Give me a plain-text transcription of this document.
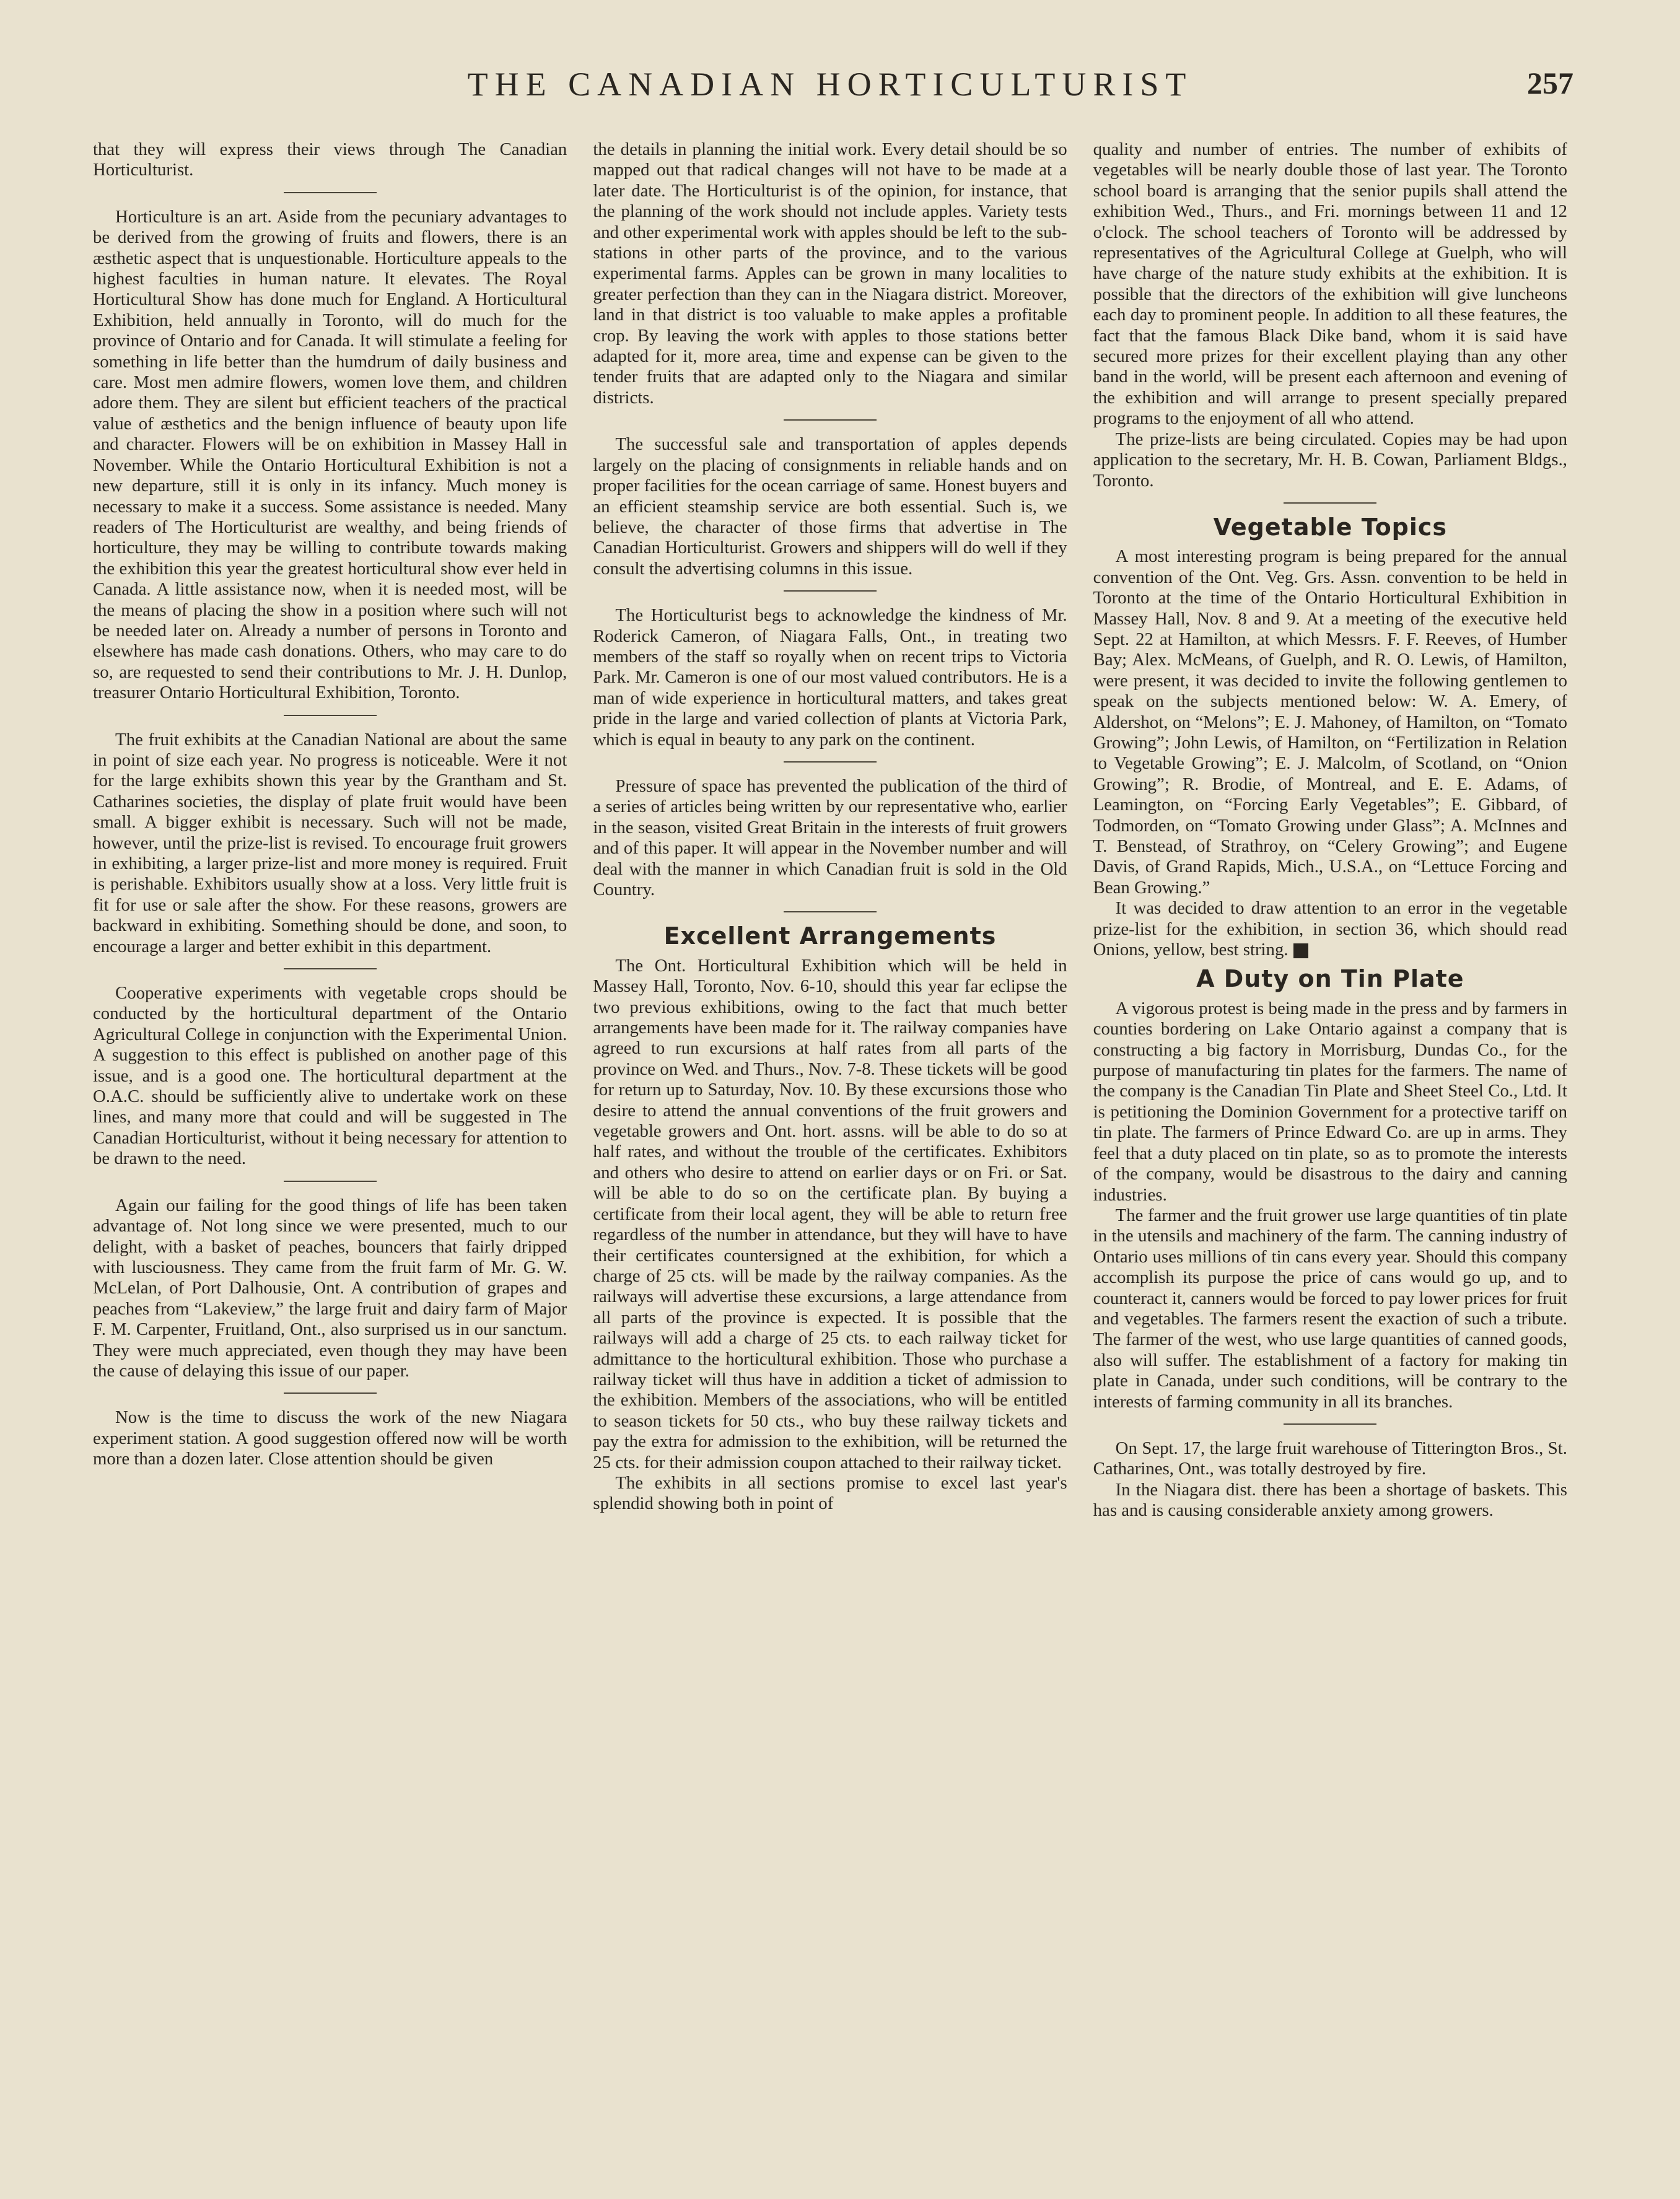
THE CANADIAN HORTICULTURIST	257

that they will express their views through The Canadian Horticulturist.

Horticulture is an art. Aside from the pecuniary advantages to be derived from the growing of fruits and flowers, there is an æsthetic aspect that is unquestionable. Horticulture appeals to the highest faculties in human nature. It elevates. The Royal Horticultural Show has done much for England. A Horticultural Exhibition, held annually in Toronto, will do much for the province of Ontario and for Canada. It will stimulate a feeling for something in life better than the humdrum of daily business and care. Most men admire flowers, women love them, and children adore them. They are silent but efficient teachers of the practical value of æsthetics and the benign influence of beauty upon life and character. Flowers will be on exhibition in Massey Hall in November. While the Ontario Horticultural Exhibition is not a new departure, still it is only in its infancy. Much money is necessary to make it a success. Some assistance is needed. Many readers of The Horticulturist are wealthy, and being friends of horticulture, they may be willing to contribute towards making the exhibition this year the greatest horticultural show ever held in Canada. A little assistance now, when it is needed most, will be the means of placing the show in a position where such will not be needed later on. Already a number of persons in Toronto and elsewhere has made cash donations. Others, who may care to do so, are requested to send their contributions to Mr. J. H. Dunlop, treasurer Ontario Horticultural Exhibition, Toronto.

The fruit exhibits at the Canadian National are about the same in point of size each year. No progress is noticeable. Were it not for the large exhibits shown this year by the Grantham and St. Catharines societies, the display of plate fruit would have been small. A bigger exhibit is necessary. Such will not be made, however, until the prize-list is revised. To encourage fruit growers in exhibiting, a larger prize-list and more money is required. Fruit is perishable. Exhibitors usually show at a loss. Very little fruit is fit for use or sale after the show. For these reasons, growers are backward in exhibiting. Something should be done, and soon, to encourage a larger and better exhibit in this department.

Cooperative experiments with vegetable crops should be conducted by the horticultural department of the Ontario Agricultural College in conjunction with the Experimental Union. A suggestion to this effect is published on another page of this issue, and is a good one. The horticultural department at the O.A.C. should be sufficiently alive to undertake work on these lines, and many more that could and will be suggested in The Canadian Horticulturist, without it being necessary for attention to be drawn to the need.

Again our failing for the good things of life has been taken advantage of. Not long since we were presented, much to our delight, with a basket of peaches, bouncers that fairly dripped with lusciousness. They came from the fruit farm of Mr. G. W. McLelan, of Port Dalhousie, Ont. A contribution of grapes and peaches from “Lakeview,” the large fruit and dairy farm of Major F. M. Carpenter, Fruitland, Ont., also surprised us in our sanctum. They were much appreciated, even though they may have been the cause of delaying this issue of our paper.

Now is the time to discuss the work of the new Niagara experiment station. A good suggestion offered now will be worth more than a dozen later. Close attention should be given

the details in planning the initial work. Every detail should be so mapped out that radical changes will not have to be made at a later date. The Horticulturist is of the opinion, for instance, that the planning of the work should not include apples. Variety tests and other experimental work with apples should be left to the sub-stations in other parts of the province, and to the various experimental farms. Apples can be grown in many localities to greater perfection than they can in the Niagara district. Moreover, land in that district is too valuable to make apples a profitable crop. By leaving the work with apples to those stations better adapted for it, more area, time and expense can be given to the tender fruits that are adapted only to the Niagara and similar districts.

The successful sale and transportation of apples depends largely on the placing of consignments in reliable hands and on proper facilities for the ocean carriage of same. Honest buyers and an efficient steamship service are both essential. Such is, we believe, the character of those firms that advertise in The Canadian Horticulturist. Growers and shippers will do well if they consult the advertising columns in this issue.

The Horticulturist begs to acknowledge the kindness of Mr. Roderick Cameron, of Niagara Falls, Ont., in treating two members of the staff so royally when on recent trips to Victoria Park. Mr. Cameron is one of our most valued contributors. He is a man of wide experience in horticultural matters, and takes great pride in the large and varied collection of plants at Victoria Park, which is equal in beauty to any park on the continent.

Pressure of space has prevented the publication of the third of a series of articles being written by our representative who, earlier in the season, visited Great Britain in the interests of fruit growers and of this paper. It will appear in the November number and will deal with the manner in which Canadian fruit is sold in the Old Country.

Excellent Arrangements

The Ont. Horticultural Exhibition which will be held in Massey Hall, Toronto, Nov. 6-10, should this year far eclipse the two previous exhibitions, owing to the fact that much better arrangements have been made for it. The railway companies have agreed to run excursions at half rates from all parts of the province on Wed. and Thurs., Nov. 7-8. These tickets will be good for return up to Saturday, Nov. 10. By these excursions those who desire to attend the annual conventions of the fruit growers and vegetable growers and Ont. hort. assns. will be able to do so at half rates, and without the trouble of the certificates. Exhibitors and others who desire to attend on earlier days or on Fri. or Sat. will be able to do so on the certificate plan. By buying a certificate from their local agent, they will be able to return free regardless of the number in attendance, but they will have to have their certificates countersigned at the exhibition, for which a charge of 25 cts. will be made by the railway companies. As the railways will advertise these excursions, a large attendance from all parts of the province is expected. It is possible that the railways will add a charge of 25 cts. to each railway ticket for admittance to the horticultural exhibition. Those who purchase a railway ticket will thus have in addition a ticket of admission to the exhibition. Members of the associations, who will be entitled to season tickets for 50 cts., who buy these railway tickets and pay the extra for admission to the exhibition, will be returned the 25 cts. for their admission coupon attached to their railway ticket.

The exhibits in all sections promise to excel last year's splendid showing both in point of

quality and number of entries. The number of exhibits of vegetables will be nearly double those of last year. The Toronto school board is arranging that the senior pupils shall attend the exhibition Wed., Thurs., and Fri. mornings between 11 and 12 o'clock. The school teachers of Toronto will be addressed by representatives of the Agricultural College at Guelph, who will have charge of the nature study exhibits at the exhibition. It is possible that the directors of the exhibition will give luncheons each day to prominent people. In addition to all these features, the fact that the famous Black Dike band, whom it is said have secured more prizes for their excellent playing than any other band in the world, will be present each afternoon and evening of the exhibition and will arrange to present specially prepared programs to the enjoyment of all who attend.

The prize-lists are being circulated. Copies may be had upon application to the secretary, Mr. H. B. Cowan, Parliament Bldgs., Toronto.

Vegetable Topics

A most interesting program is being prepared for the annual convention of the Ont. Veg. Grs. Assn. convention to be held in Toronto at the time of the Ontario Horticultural Exhibition in Massey Hall, Nov. 8 and 9. At a meeting of the executive held Sept. 22 at Hamilton, at which Messrs. F. F. Reeves, of Humber Bay; Alex. McMeans, of Guelph, and R. O. Lewis, of Hamilton, were present, it was decided to invite the following gentlemen to speak on the subjects mentioned below: W. A. Emery, of Aldershot, on “Melons”; E. J. Mahoney, of Hamilton, on “Tomato Growing”; John Lewis, of Hamilton, on “Fertilization in Relation to Vegetable Growing”; E. J. Malcolm, of Scotland, on “Onion Growing”; R. Brodie, of Montreal, and E. E. Adams, of Leamington, on “Forcing Early Vegetables”; E. Gibbard, of Todmorden, on “Tomato Growing under Glass”; A. McInnes and T. Benstead, of Strathroy, on “Celery Growing”; and Eugene Davis, of Grand Rapids, Mich., U.S.A., on “Lettuce Forcing and Bean Growing.”

It was decided to draw attention to an error in the vegetable prize-list for the exhibition, in section 36, which should read Onions, yellow, best string.

A Duty on Tin Plate

A vigorous protest is being made in the press and by farmers in counties bordering on Lake Ontario against a company that is constructing a big factory in Morrisburg, Dundas Co., for the purpose of manufacturing tin plates for the farmers. The name of the company is the Canadian Tin Plate and Sheet Steel Co., Ltd. It is petitioning the Dominion Government for a protective tariff on tin plate. The farmers of Prince Edward Co. are up in arms. They feel that a duty placed on tin plate, so as to promote the interests of the company, would be disastrous to the dairy and canning industries.

The farmer and the fruit grower use large quantities of tin plate in the utensils and machinery of the farm. The canning industry of Ontario uses millions of tin cans every year. Should this company accomplish its purpose the price of cans would go up, and to counteract it, canners would be forced to pay lower prices for fruit and vegetables. The farmers resent the exaction of such a tribute. The farmer of the west, who use large quantities of canned goods, also will suffer. The establishment of a factory for making tin plate in Canada, under such conditions, will be contrary to the interests of farming community in all its branches.

On Sept. 17, the large fruit warehouse of Titterington Bros., St. Catharines, Ont., was totally destroyed by fire.

In the Niagara dist. there has been a shortage of baskets. This has and is causing considerable anxiety among growers.
